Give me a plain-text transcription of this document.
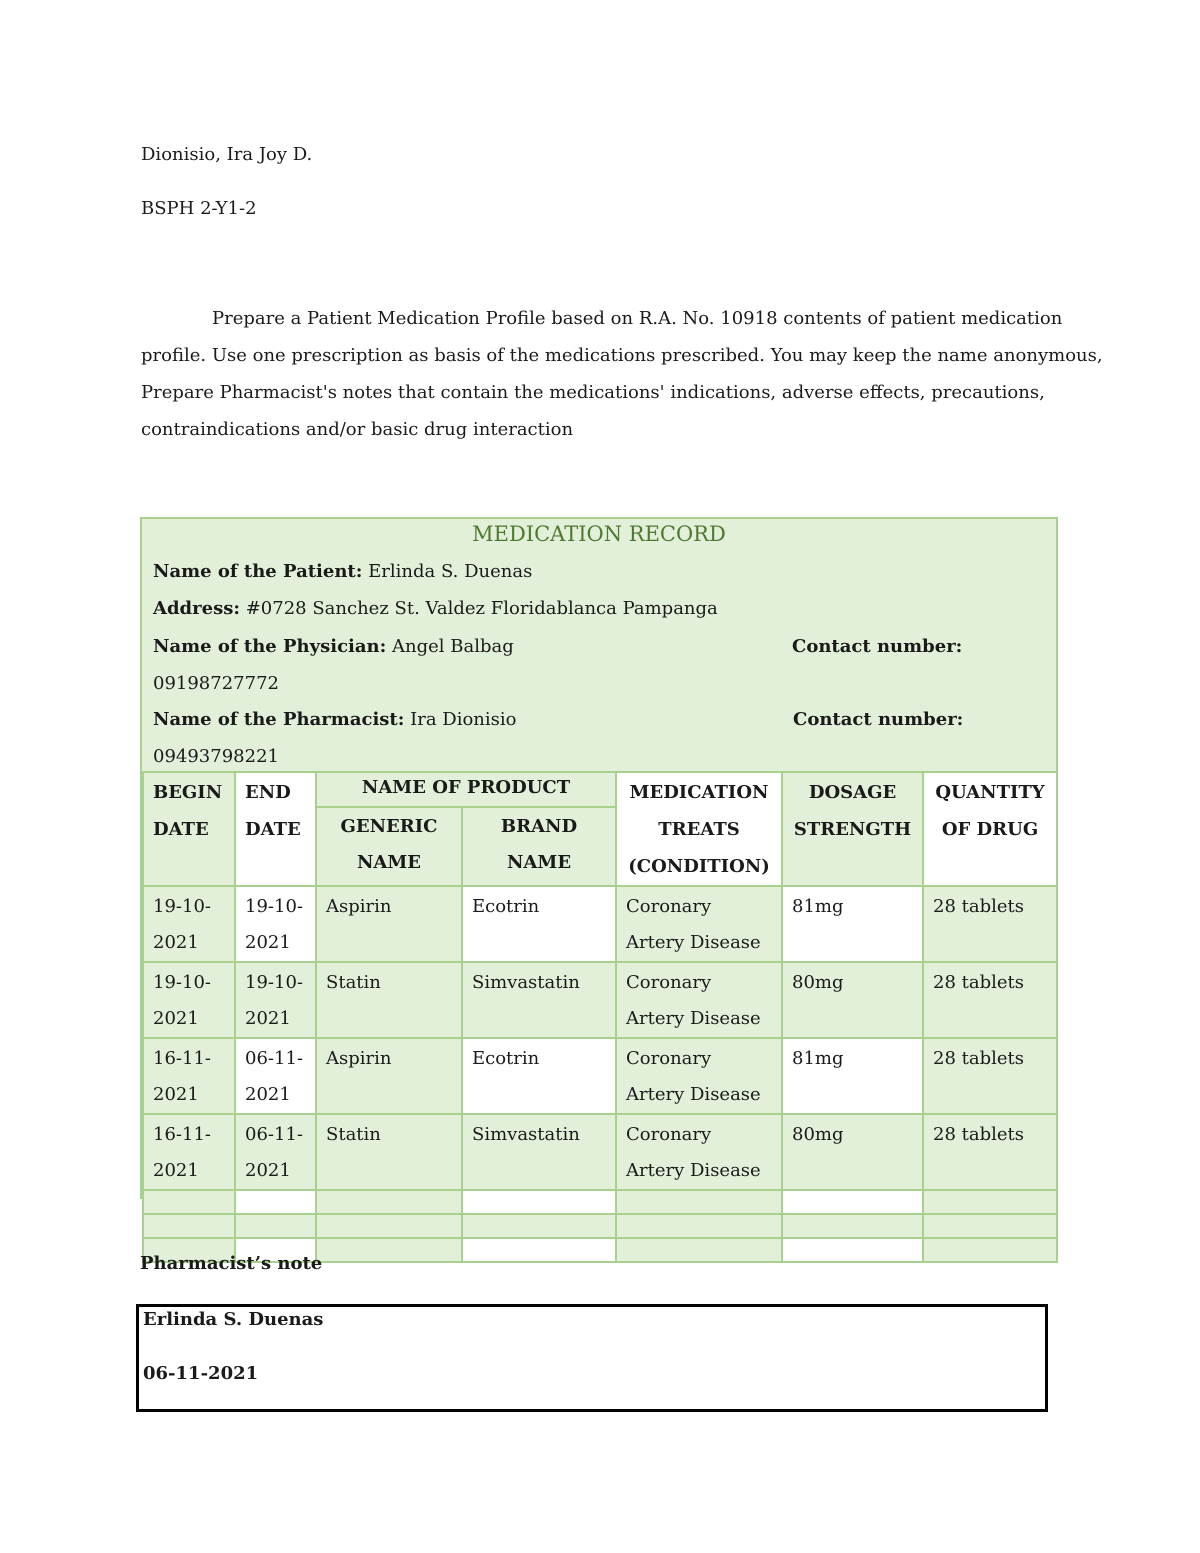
Dionisio, Ira Joy D.
BSPH 2-Y1-2
Prepare a Patient Medication Profile based on R.A. No. 10918 contents of patient medication
profile. Use one prescription as basis of the medications prescribed. You may keep the name anonymous,
Prepare Pharmacist's notes that contain the medications' indications, adverse effects, precautions,
contraindications and/or basic drug interaction
MEDICATION RECORD
Name of the Patient: Erlinda S. Duenas
Address: #0728 Sanchez St. Valdez Floridablanca Pampanga
Name of the Physician: Angel Balbag	Contact number:
09198727772
Name of the Pharmacist: Ira Dionisio	Contact number:
09493798221
BEGIN DATE	END DATE	NAME OF PRODUCT		MEDICATION TREATS (CONDITION)	DOSAGE STRENGTH	QUANTITY OF DRUG
		GENERIC NAME	BRAND NAME			
19-10-2021	19-10-2021	Aspirin	Ecotrin	Coronary Artery Disease	81mg	28 tablets
19-10-2021	19-10-2021	Statin	Simvastatin	Coronary Artery Disease	80mg	28 tablets
16-11-2021	06-11-2021	Aspirin	Ecotrin	Coronary Artery Disease	81mg	28 tablets
16-11-2021	06-11-2021	Statin	Simvastatin	Coronary Artery Disease	80mg	28 tablets

Pharmacist’s note
Erlinda S. Duenas
06-11-2021
